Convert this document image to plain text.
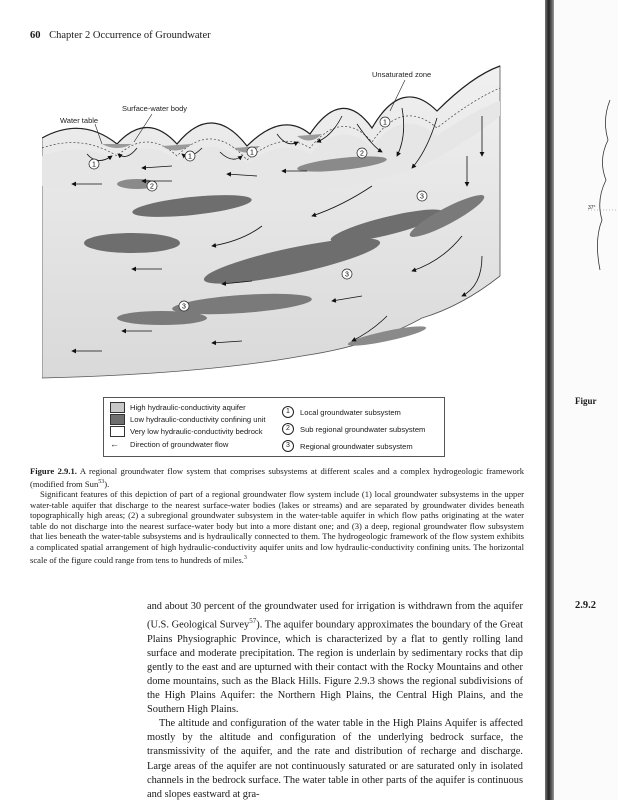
60 Chapter 2 Occurrence of Groundwater
1
2
1
1
1
2
3
3
3
Unsaturated zone
Surface-water body
Water table
High hydraulic-conductivity aquifer
Low hydraulic-conductivity confining unit
Very low hydraulic-conductivity bedrock
←	Direction of groundwater flow
1	Local groundwater subsystem
2	Sub regional groundwater subsystem
3	Regional groundwater subsystem

Figure 2.9.1. A regional groundwater flow system that comprises subsystems at different scales and a complex hydrogeologic framework (modified from Sun$^{53}$).

Significant features of this depiction of part of a regional groundwater flow system include (1) local groundwater subsystems in the upper water-table aquifer that discharge to the nearest surface-water bodies (lakes or streams) and are separated by groundwater divides beneath topographically high areas; (2) a subregional groundwater subsystem in the water-table aquifer in which flow paths originating at the water table do not discharge into the nearest surface-water body but into a more distant one; and (3) a deep, regional groundwater flow subsystem that lies beneath the water-table subsystems and is hydraulically connected to them. The hydrogeologic framework of the flow system exhibits a complicated spatial arrangement of high hydraulic-conductivity aquifer units and low hydraulic-conductivity confining units. The horizontal scale of the figure could range from tens to hundreds of miles.$^3$

and about 30 percent of the groundwater used for irrigation is withdrawn from the aquifer (U.S. Geological Survey$^{57}$). The aquifer boundary approximates the boundary of the Great Plains Physiographic Province, which is characterized by a flat to gently rolling land surface and moderate precipitation. The region is underlain by sedimentary rocks that dip gently to the east and are upturned with their contact with the Rocky Mountains and other dome mountains, such as the Black Hills. Figure 2.9.3 shows the regional subdivisions of the High Plains Aquifer: the Northern High Plains, the Central High Plains, and the Southern High Plains.

The altitude and configuration of the water table in the High Plains Aquifer is affected mostly by the altitude and configuration of the underlying bedrock surface, the transmissivity of the aquifer, and the rate and distribution of recharge and discharge. Large areas of the aquifer are not continuously saturated or are saturated only in isolated channels in the bedrock surface. The water table in other parts of the aquifer is continuous and slopes eastward at gra-

Figur
2.9.2
37°
